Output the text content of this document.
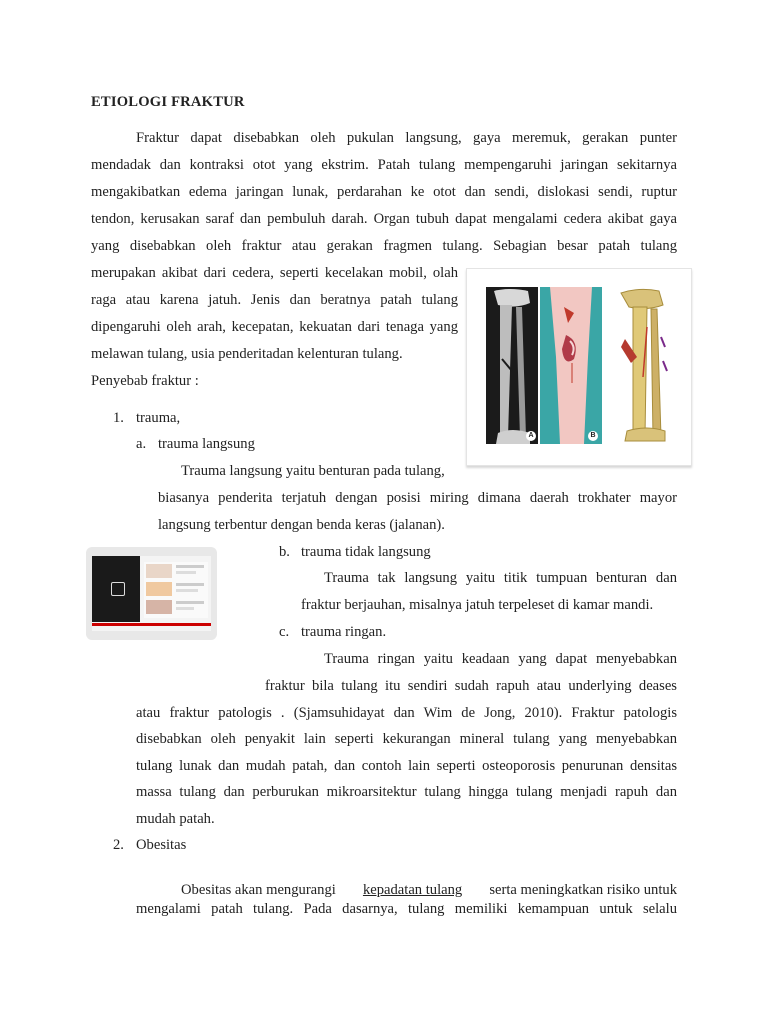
ETIOLOGI FRAKTUR
Fraktur dapat disebabkan oleh pukulan langsung, gaya meremuk, gerakan punter
mendadak dan kontraksi otot yang ekstrim. Patah tulang mempengaruhi jaringan sekitarnya
mengakibatkan edema jaringan lunak, perdarahan ke otot dan sendi, dislokasi sendi, ruptur
tendon, kerusakan saraf dan pembuluh darah. Organ tubuh dapat mengalami cedera akibat gaya
yang disebabkan oleh fraktur atau gerakan fragmen tulang. Sebagian besar patah tulang
merupakan akibat dari cedera, seperti kecelakan mobil, olah
raga atau karena jatuh. Jenis dan beratnya patah tulang
dipengaruhi oleh arah, kecepatan, kekuatan dari tenaga yang
melawan tulang, usia penderitadan kelenturan tulang.
A	B
Penyebab fraktur :
1. trauma,
a. trauma langsung
Trauma langsung yaitu benturan pada tulang,
biasanya penderita terjatuh dengan posisi miring dimana daerah trokhater mayor
langsung terbentur dengan benda keras (jalanan).
b. trauma tidak langsung
Trauma tak langsung yaitu titik tumpuan benturan dan
fraktur berjauhan, misalnya jatuh terpeleset di kamar mandi.
c. trauma ringan.
Trauma ringan yaitu keadaan yang dapat menyebabkan
fraktur bila tulang itu sendiri sudah rapuh atau underlying deases
atau fraktur patologis . (Sjamsuhidayat dan Wim de Jong, 2010). Fraktur patologis
disebabkan oleh penyakit lain seperti kekurangan mineral tulang yang menyebabkan
tulang lunak dan mudah patah, dan contoh lain seperti osteoporosis penurunan densitas
massa tulang dan perburukan mikroarsitektur tulang hingga tulang menjadi rapuh dan
mudah patah.
2. Obesitas
Obesitas akan mengurangi kepadatan tulang serta meningkatkan risiko untuk
mengalami patah tulang. Pada dasarnya, tulang memiliki kemampuan untuk selalu
